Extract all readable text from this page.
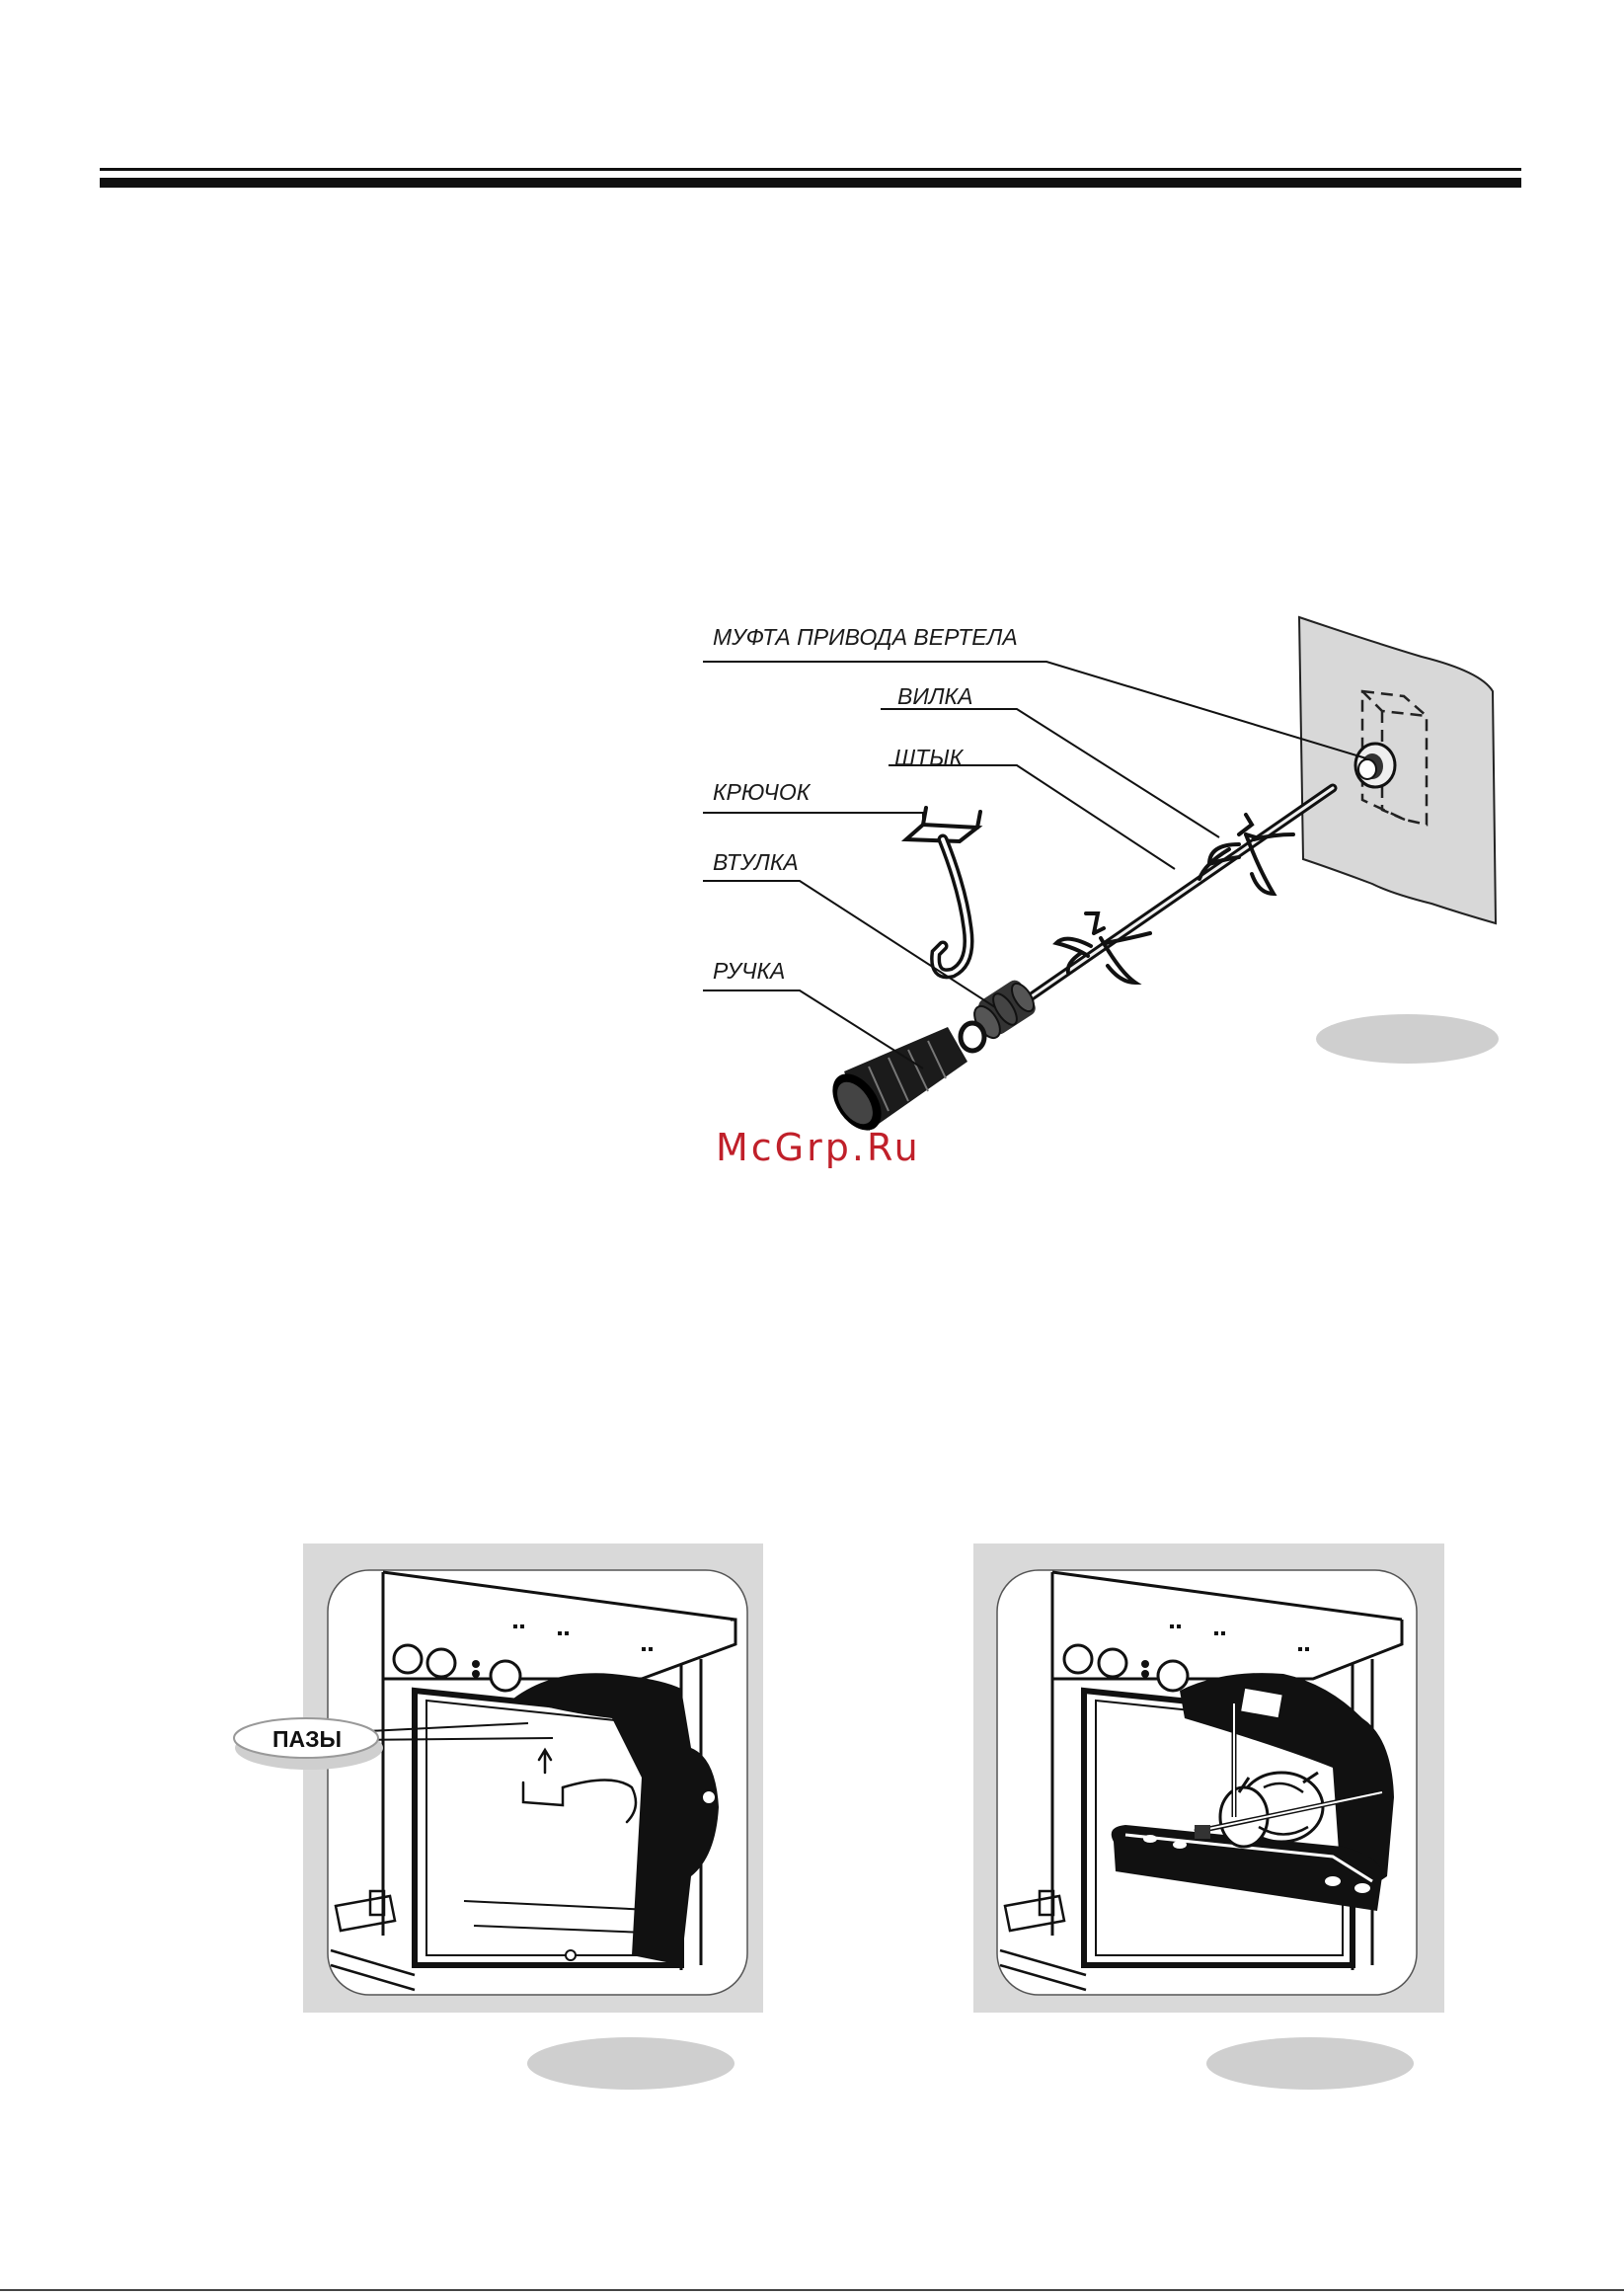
МУФТА ПРИВОДА ВЕРТЕЛА
ВИЛКА
ШТЫК
КРЮЧОК
ВТУЛКА
РУЧКА
McGrp.Ru
ПАЗЫ
